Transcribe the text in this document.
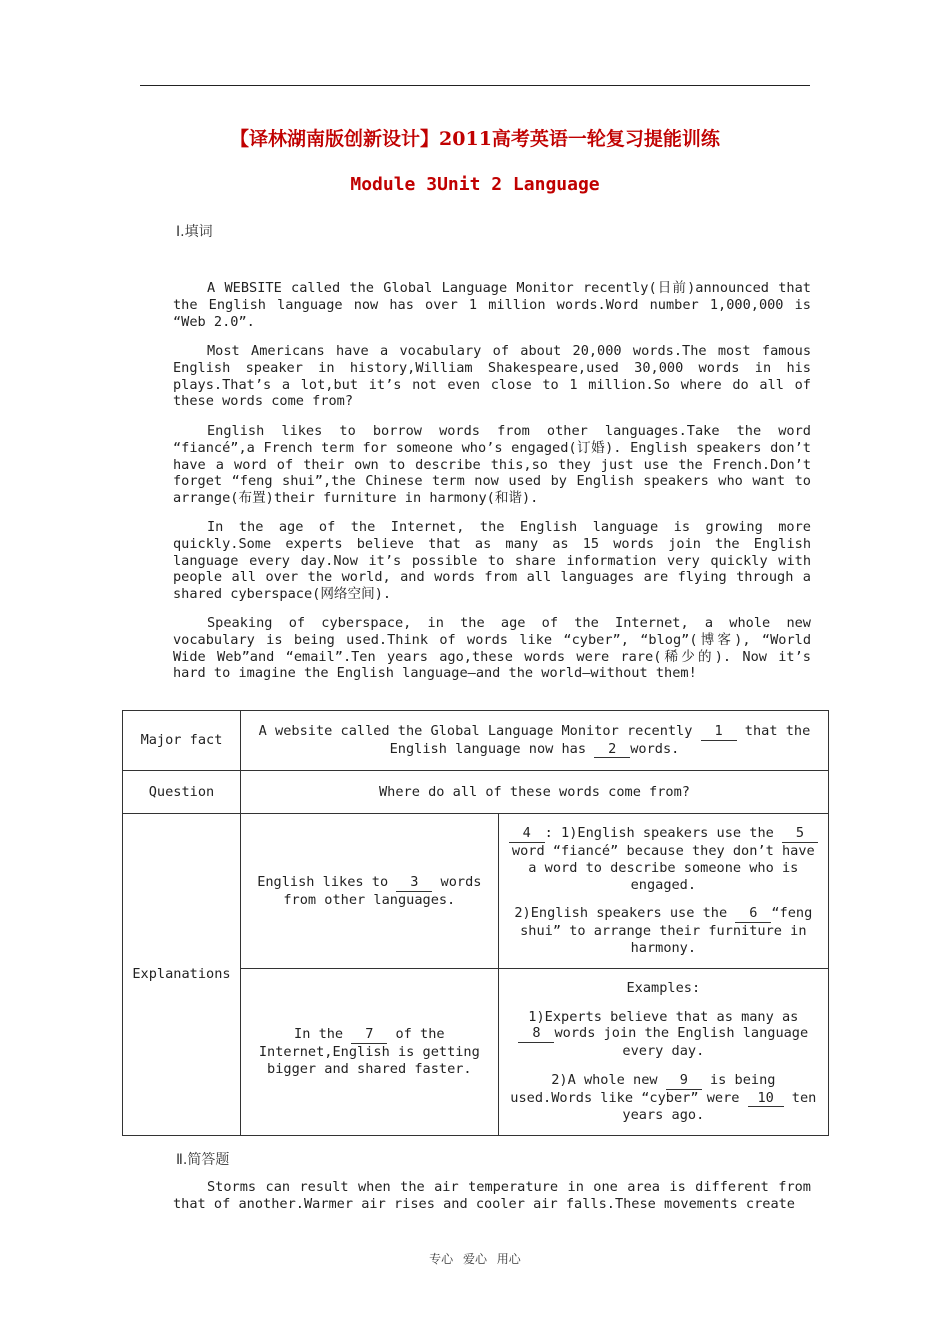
【译林湖南版创新设计】2011高考英语一轮复习提能训练
Module 3Unit 2 Language
Ⅰ.填词

A WEBSITE called the Global Language Monitor recently(日前)announced that the English language now has over 1 million words.Word number 1,000,000 is “Web 2.0”.

Most Americans have a vocabulary of about 20,000 words.The most famous English speaker in history,William Shakespeare,used 30,000 words in his plays.That’s a lot,but it’s not even close to 1 million.So where do all of these words come from?

English likes to borrow words from other languages.Take the word “fiancé”,a French term for someone who’s engaged(订婚). English speakers don’t have a word of their own to describe this,so they just use the French.Don’t forget “feng shui”,the Chinese term now used by English speakers who want to arrange(布置)their furniture in harmony(和谐).

In the age of the Internet, the English language is growing more quickly.Some experts believe that as many as 15 words join the English language every day.Now it’s possible to share information very quickly with people all over the world, and words from all languages are flying through a shared cyberspace(网络空间).

Speaking of cyberspace, in the age of the Internet, a whole new vocabulary is being used.Think of words like “cyber”, “blog”(博客), “World Wide Web”and “email”.Ten years ago,these words were rare(稀少的). Now it’s hard to imagine the English language—and the world—without them!

Major fact	A website called the Global Language Monitor recently 1 that the English language now has 2 words.	
Question	Where do all of these words come from?	
Explanations	English likes to 3 words from other languages.	4 : 1)English speakers use the 5 word “fiancé” because they don’t have a word to describe someone who is engaged.
2)English speakers use the 6 “feng shui” to arrange their furniture in harmony.

	In the 7 of the Internet,English is getting bigger and shared faster.	Examples:
1)Experts believe that as many as 8 words join the English language every day.
2)A whole new 9 is being used.Words like “cyber” were 10 ten years ago.
Ⅱ.简答题

Storms can result when the air temperature in one area is different from that of another.Warmer air rises and cooler air falls.These movements create

专心 爱心 用心
